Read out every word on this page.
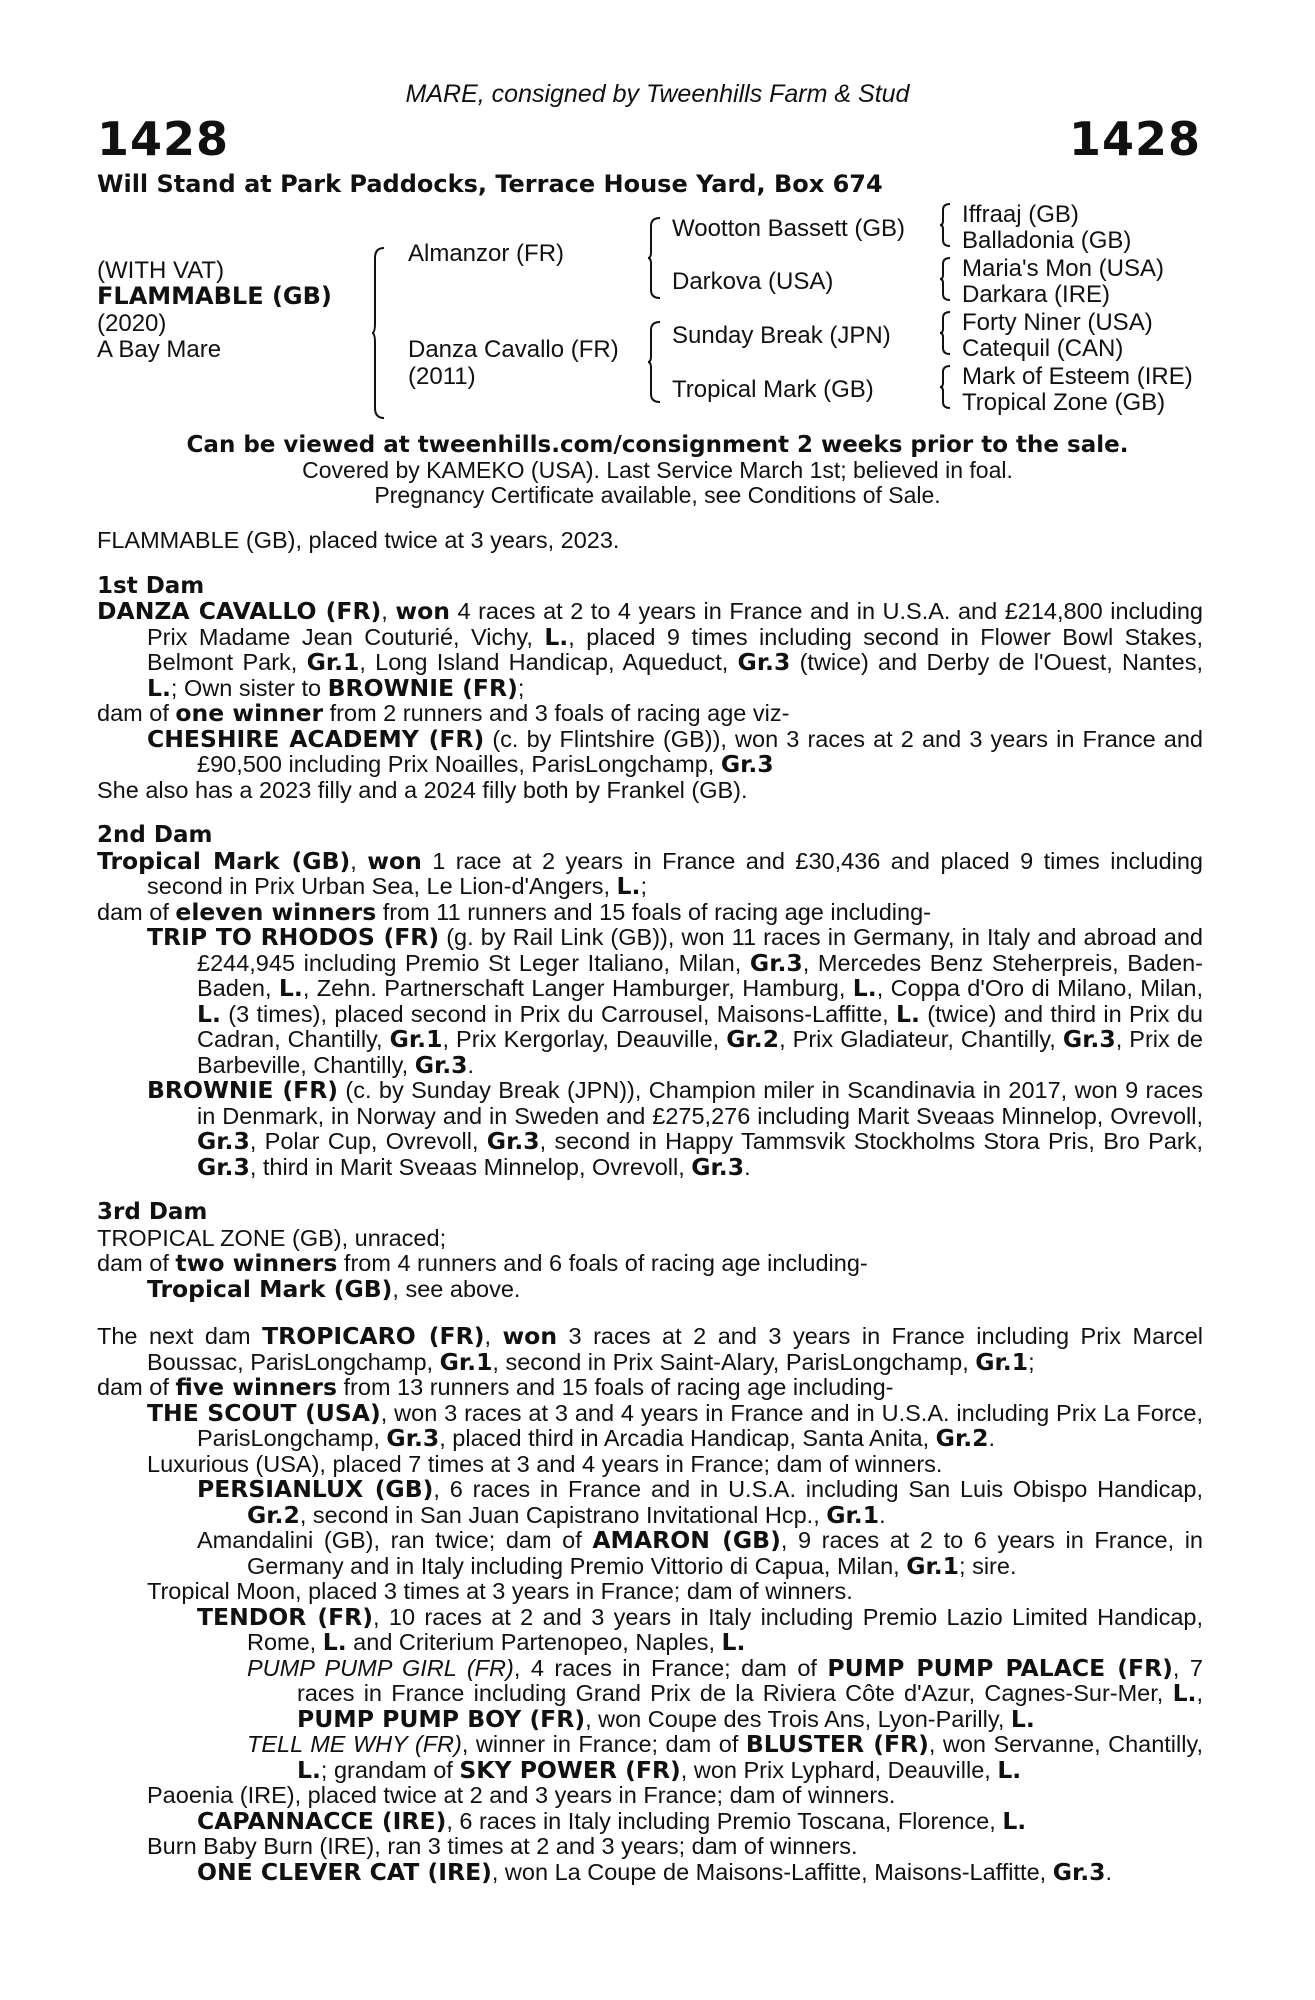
MARE, consigned by Tweenhills Farm & Stud
1428	1428
Will Stand at Park Paddocks, Terrace House Yard, Box 674
(WITH VAT)
FLAMMABLE (GB)
(2020)
A Bay Mare
Almanzor (FR)
Danza Cavallo (FR)
(2011)
Wootton Bassett (GB)
Darkova (USA)
Sunday Break (JPN)
Tropical Mark (GB)
Iffraaj (GB)
Balladonia (GB)
Maria's Mon (USA)
Darkara (IRE)
Forty Niner (USA)
Catequil (CAN)
Mark of Esteem (IRE)
Tropical Zone (GB)
Can be viewed at tweenhills.com/consignment 2 weeks prior to the sale.
Covered by KAMEKO (USA). Last Service March 1st; believed in foal.
Pregnancy Certificate available, see Conditions of Sale.

FLAMMABLE (GB), placed twice at 3 years, 2023.

1st Dam

DANZA CAVALLO (FR), won 4 races at 2 to 4 years in France and in U.S.A. and £214,800 including Prix Madame Jean Couturié, Vichy, L., placed 9 times including second in Flower Bowl Stakes, Belmont Park, Gr.1, Long Island Handicap, Aqueduct, Gr.3 (twice) and Derby de l'Ouest, Nantes, L.; Own sister to BROWNIE (FR);

dam of one winner from 2 runners and 3 foals of racing age viz-

CHESHIRE ACADEMY (FR) (c. by Flintshire (GB)), won 3 races at 2 and 3 years in France and £90,500 including Prix Noailles, ParisLongchamp, Gr.3

She also has a 2023 filly and a 2024 filly both by Frankel (GB).

2nd Dam

Tropical Mark (GB), won 1 race at 2 years in France and £30,436 and placed 9 times including second in Prix Urban Sea, Le Lion-d'Angers, L.;

dam of eleven winners from 11 runners and 15 foals of racing age including-

TRIP TO RHODOS (FR) (g. by Rail Link (GB)), won 11 races in Germany, in Italy and abroad and £244,945 including Premio St Leger Italiano, Milan, Gr.3, Mercedes Benz Steherpreis, Baden-Baden, L., Zehn. Partnerschaft Langer Hamburger, Hamburg, L., Coppa d'Oro di Milano, Milan, L. (3 times), placed second in Prix du Carrousel, Maisons-Laffitte, L. (twice) and third in Prix du Cadran, Chantilly, Gr.1, Prix Kergorlay, Deauville, Gr.2, Prix Gladiateur, Chantilly, Gr.3, Prix de Barbeville, Chantilly, Gr.3.

BROWNIE (FR) (c. by Sunday Break (JPN)), Champion miler in Scandinavia in 2017, won 9 races in Denmark, in Norway and in Sweden and £275,276 including Marit Sveaas Minnelop, Ovrevoll, Gr.3, Polar Cup, Ovrevoll, Gr.3, second in Happy Tammsvik Stockholms Stora Pris, Bro Park, Gr.3, third in Marit Sveaas Minnelop, Ovrevoll, Gr.3.

3rd Dam

TROPICAL ZONE (GB), unraced;

dam of two winners from 4 runners and 6 foals of racing age including-

Tropical Mark (GB), see above.

The next dam TROPICARO (FR), won 3 races at 2 and 3 years in France including Prix Marcel Boussac, ParisLongchamp, Gr.1, second in Prix Saint-Alary, ParisLongchamp, Gr.1;

dam of five winners from 13 runners and 15 foals of racing age including-

THE SCOUT (USA), won 3 races at 3 and 4 years in France and in U.S.A. including Prix La Force, ParisLongchamp, Gr.3, placed third in Arcadia Handicap, Santa Anita, Gr.2.

Luxurious (USA), placed 7 times at 3 and 4 years in France; dam of winners.

PERSIANLUX (GB), 6 races in France and in U.S.A. including San Luis Obispo Handicap, Gr.2, second in San Juan Capistrano Invitational Hcp., Gr.1.

Amandalini (GB), ran twice; dam of AMARON (GB), 9 races at 2 to 6 years in France, in Germany and in Italy including Premio Vittorio di Capua, Milan, Gr.1; sire.

Tropical Moon, placed 3 times at 3 years in France; dam of winners.

TENDOR (FR), 10 races at 2 and 3 years in Italy including Premio Lazio Limited Handicap, Rome, L. and Criterium Partenopeo, Naples, L.

PUMP PUMP GIRL (FR), 4 races in France; dam of PUMP PUMP PALACE (FR), 7 races in France including Grand Prix de la Riviera Côte d'Azur, Cagnes-Sur-Mer, L., PUMP PUMP BOY (FR), won Coupe des Trois Ans, Lyon-Parilly, L.

TELL ME WHY (FR), winner in France; dam of BLUSTER (FR), won Servanne, Chantilly, L.; grandam of SKY POWER (FR), won Prix Lyphard, Deauville, L.

Paoenia (IRE), placed twice at 2 and 3 years in France; dam of winners.

CAPANNACCE (IRE), 6 races in Italy including Premio Toscana, Florence, L.

Burn Baby Burn (IRE), ran 3 times at 2 and 3 years; dam of winners.

ONE CLEVER CAT (IRE), won La Coupe de Maisons-Laffitte, Maisons-Laffitte, Gr.3.
